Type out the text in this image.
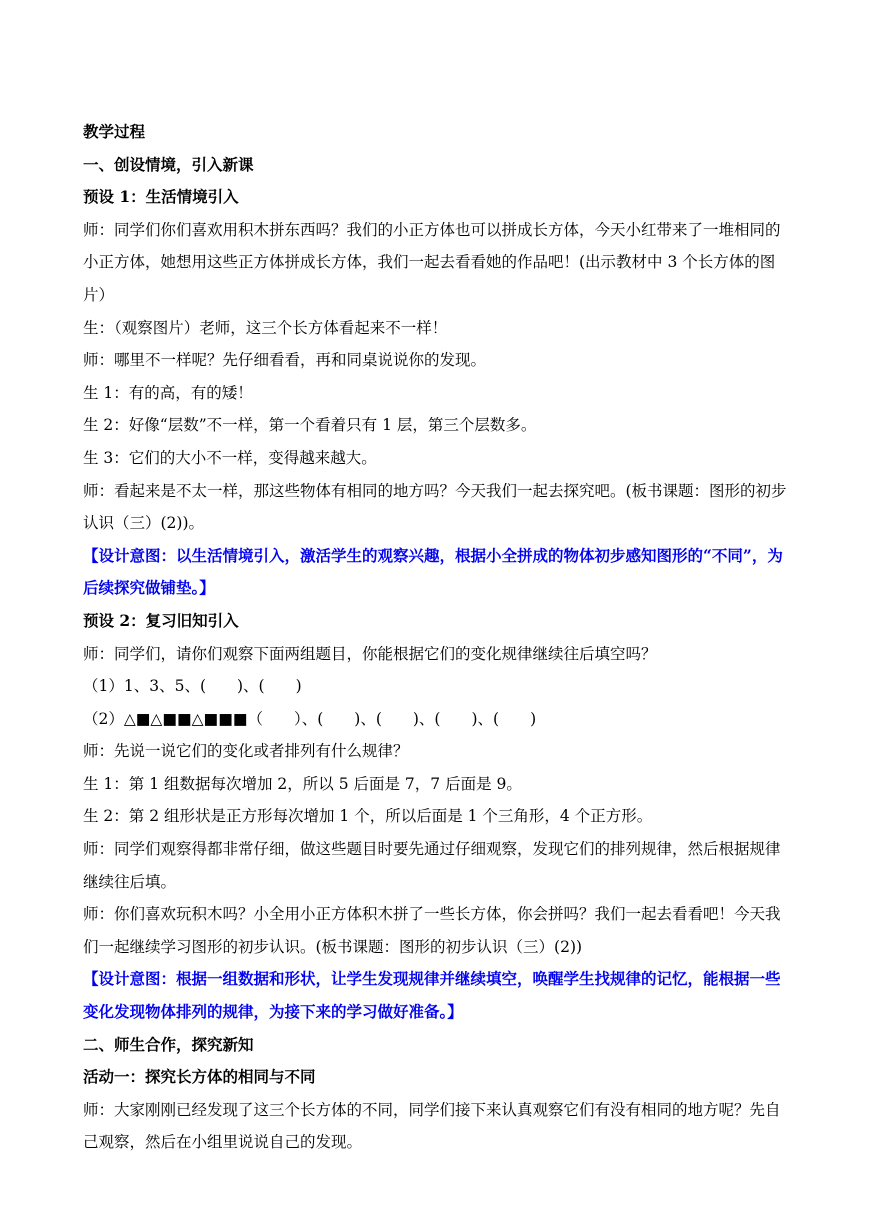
教学过程

一、创设情境，引入新课

预设 1：生活情境引入

师：同学们你们喜欢用积木拼东西吗？我们的小正方体也可以拼成长方体，今天小红带来了一堆相同的小正方体，她想用这些正方体拼成长方体，我们一起去看看她的作品吧！(出示教材中 3 个长方体的图片）

生：（观察图片）老师，这三个长方体看起来不一样！

师：哪里不一样呢？先仔细看看，再和同桌说说你的发现。

生 1：有的高，有的矮！

生 2：好像“层数”不一样，第一个看着只有 1 层，第三个层数多。

生 3：它们的大小不一样，变得越来越大。

师：看起来是不太一样，那这些物体有相同的地方吗？今天我们一起去探究吧。(板书课题：图形的初步认识（三）(2))。

【设计意图：以生活情境引入，激活学生的观察兴趣，根据小全拼成的物体初步感知图形的“不同”，为后续探究做铺垫。】

预设 2：复习旧知引入

师：同学们，请你们观察下面两组题目，你能根据它们的变化规律继续往后填空吗？

（1）1、3、5、(　　)、(　　)

（2）△■△■■△■■■（　　）、(　　)、(　　)、(　　)、(　　)

师：先说一说它们的变化或者排列有什么规律？

生 1：第 1 组数据每次增加 2，所以 5 后面是 7，7 后面是 9。

生 2：第 2 组形状是正方形每次增加 1 个，所以后面是 1 个三角形，4 个正方形。

师：同学们观察得都非常仔细，做这些题目时要先通过仔细观察，发现它们的排列规律，然后根据规律继续往后填。

师：你们喜欢玩积木吗？小全用小正方体积木拼了一些长方体，你会拼吗？我们一起去看看吧！今天我们一起继续学习图形的初步认识。(板书课题：图形的初步认识（三）(2))

【设计意图：根据一组数据和形状，让学生发现规律并继续填空，唤醒学生找规律的记忆，能根据一些变化发现物体排列的规律，为接下来的学习做好准备。】

二、师生合作，探究新知

活动一：探究长方体的相同与不同

师：大家刚刚已经发现了这三个长方体的不同，同学们接下来认真观察它们有没有相同的地方呢？先自己观察，然后在小组里说说自己的发现。
